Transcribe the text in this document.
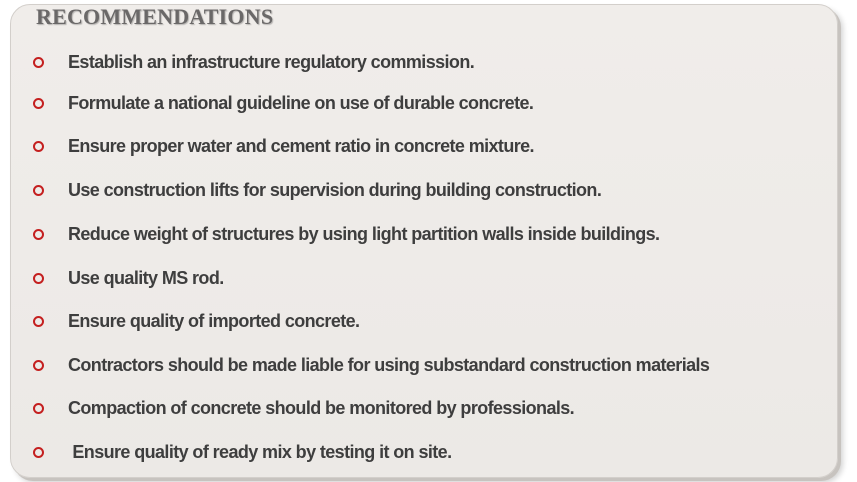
RECOMMENDATIONS
Establish an infrastructure regulatory commission.
Formulate a national guideline on use of durable concrete.
Ensure proper water and cement ratio in concrete mixture.
Use construction lifts for supervision during building construction.
Reduce weight of structures by using light partition walls inside buildings.
Use quality MS rod.
Ensure quality of imported concrete.
Contractors should be made liable for using substandard construction materials
Compaction of concrete should be monitored by professionals.
Ensure quality of ready mix by testing it on site.
